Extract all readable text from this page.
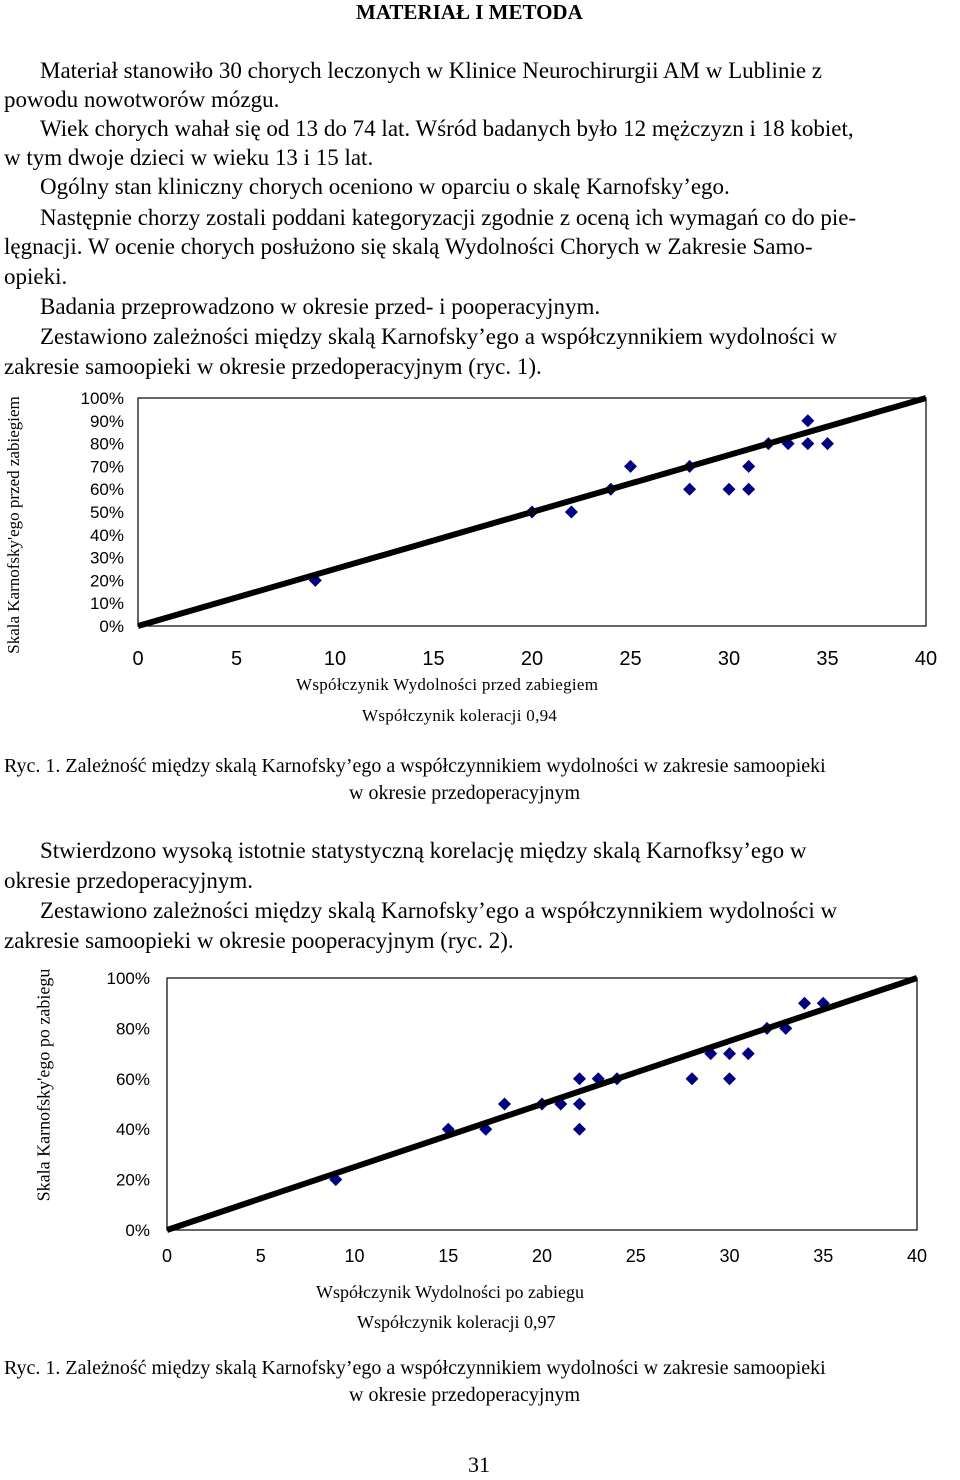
MATERIAŁ I METODA
Materiał stanowiło 30 chorych leczonych w Klinice Neurochirurgii AM w Lublinie z
powodu nowotworów mózgu.
Wiek chorych wahał się od 13 do 74 lat. Wśród badanych było 12 mężczyzn i 18 kobiet,
w tym dwoje dzieci w wieku 13 i 15 lat.
Ogólny stan kliniczny chorych oceniono w oparciu o skalę Karnofsky’ego.
Następnie chorzy zostali poddani kategoryzacji zgodnie z oceną ich wymagań co do pie-
lęgnacji. W ocenie chorych posłużono się skalą Wydolności Chorych w Zakresie Samo-
opieki.
Badania przeprowadzono w okresie przed- i pooperacyjnym.
Zestawiono zależności między skalą Karnofsky’ego a współczynnikiem wydolności w
zakresie samoopieki w okresie przedoperacyjnym (ryc. 1).
Skala Karnofsky'ego przed zabiegiem	100%
90%
80%
70%
60%
50%
40%
30%
20%
10%
0%
0	5	10	15	20	25	30	35	40
Współczynik Wydolności przed zabiegiem
Współczynik koleracji 0,94
Ryc. 1. Zależność między skalą Karnofsky’ego a współczynnikiem wydolności w zakresie samoopieki
w okresie przedoperacyjnym
Stwierdzono wysoką istotnie statystyczną korelację między skalą Karnofksy’ego w
okresie przedoperacyjnym.
Zestawiono zależności między skalą Karnofsky’ego a współczynnikiem wydolności w
zakresie samoopieki w okresie pooperacyjnym (ryc. 2).
Skala Karnofsky'ego po zabiegu	100%
80%
60%
40%
20%
0%
0	5	10	15	20	25	30	35	40
Współczynik Wydolności po zabiegu
Współczynik koleracji 0,97
Ryc. 1. Zależność między skalą Karnofsky’ego a współczynnikiem wydolności w zakresie samoopieki
w okresie przedoperacyjnym
31
